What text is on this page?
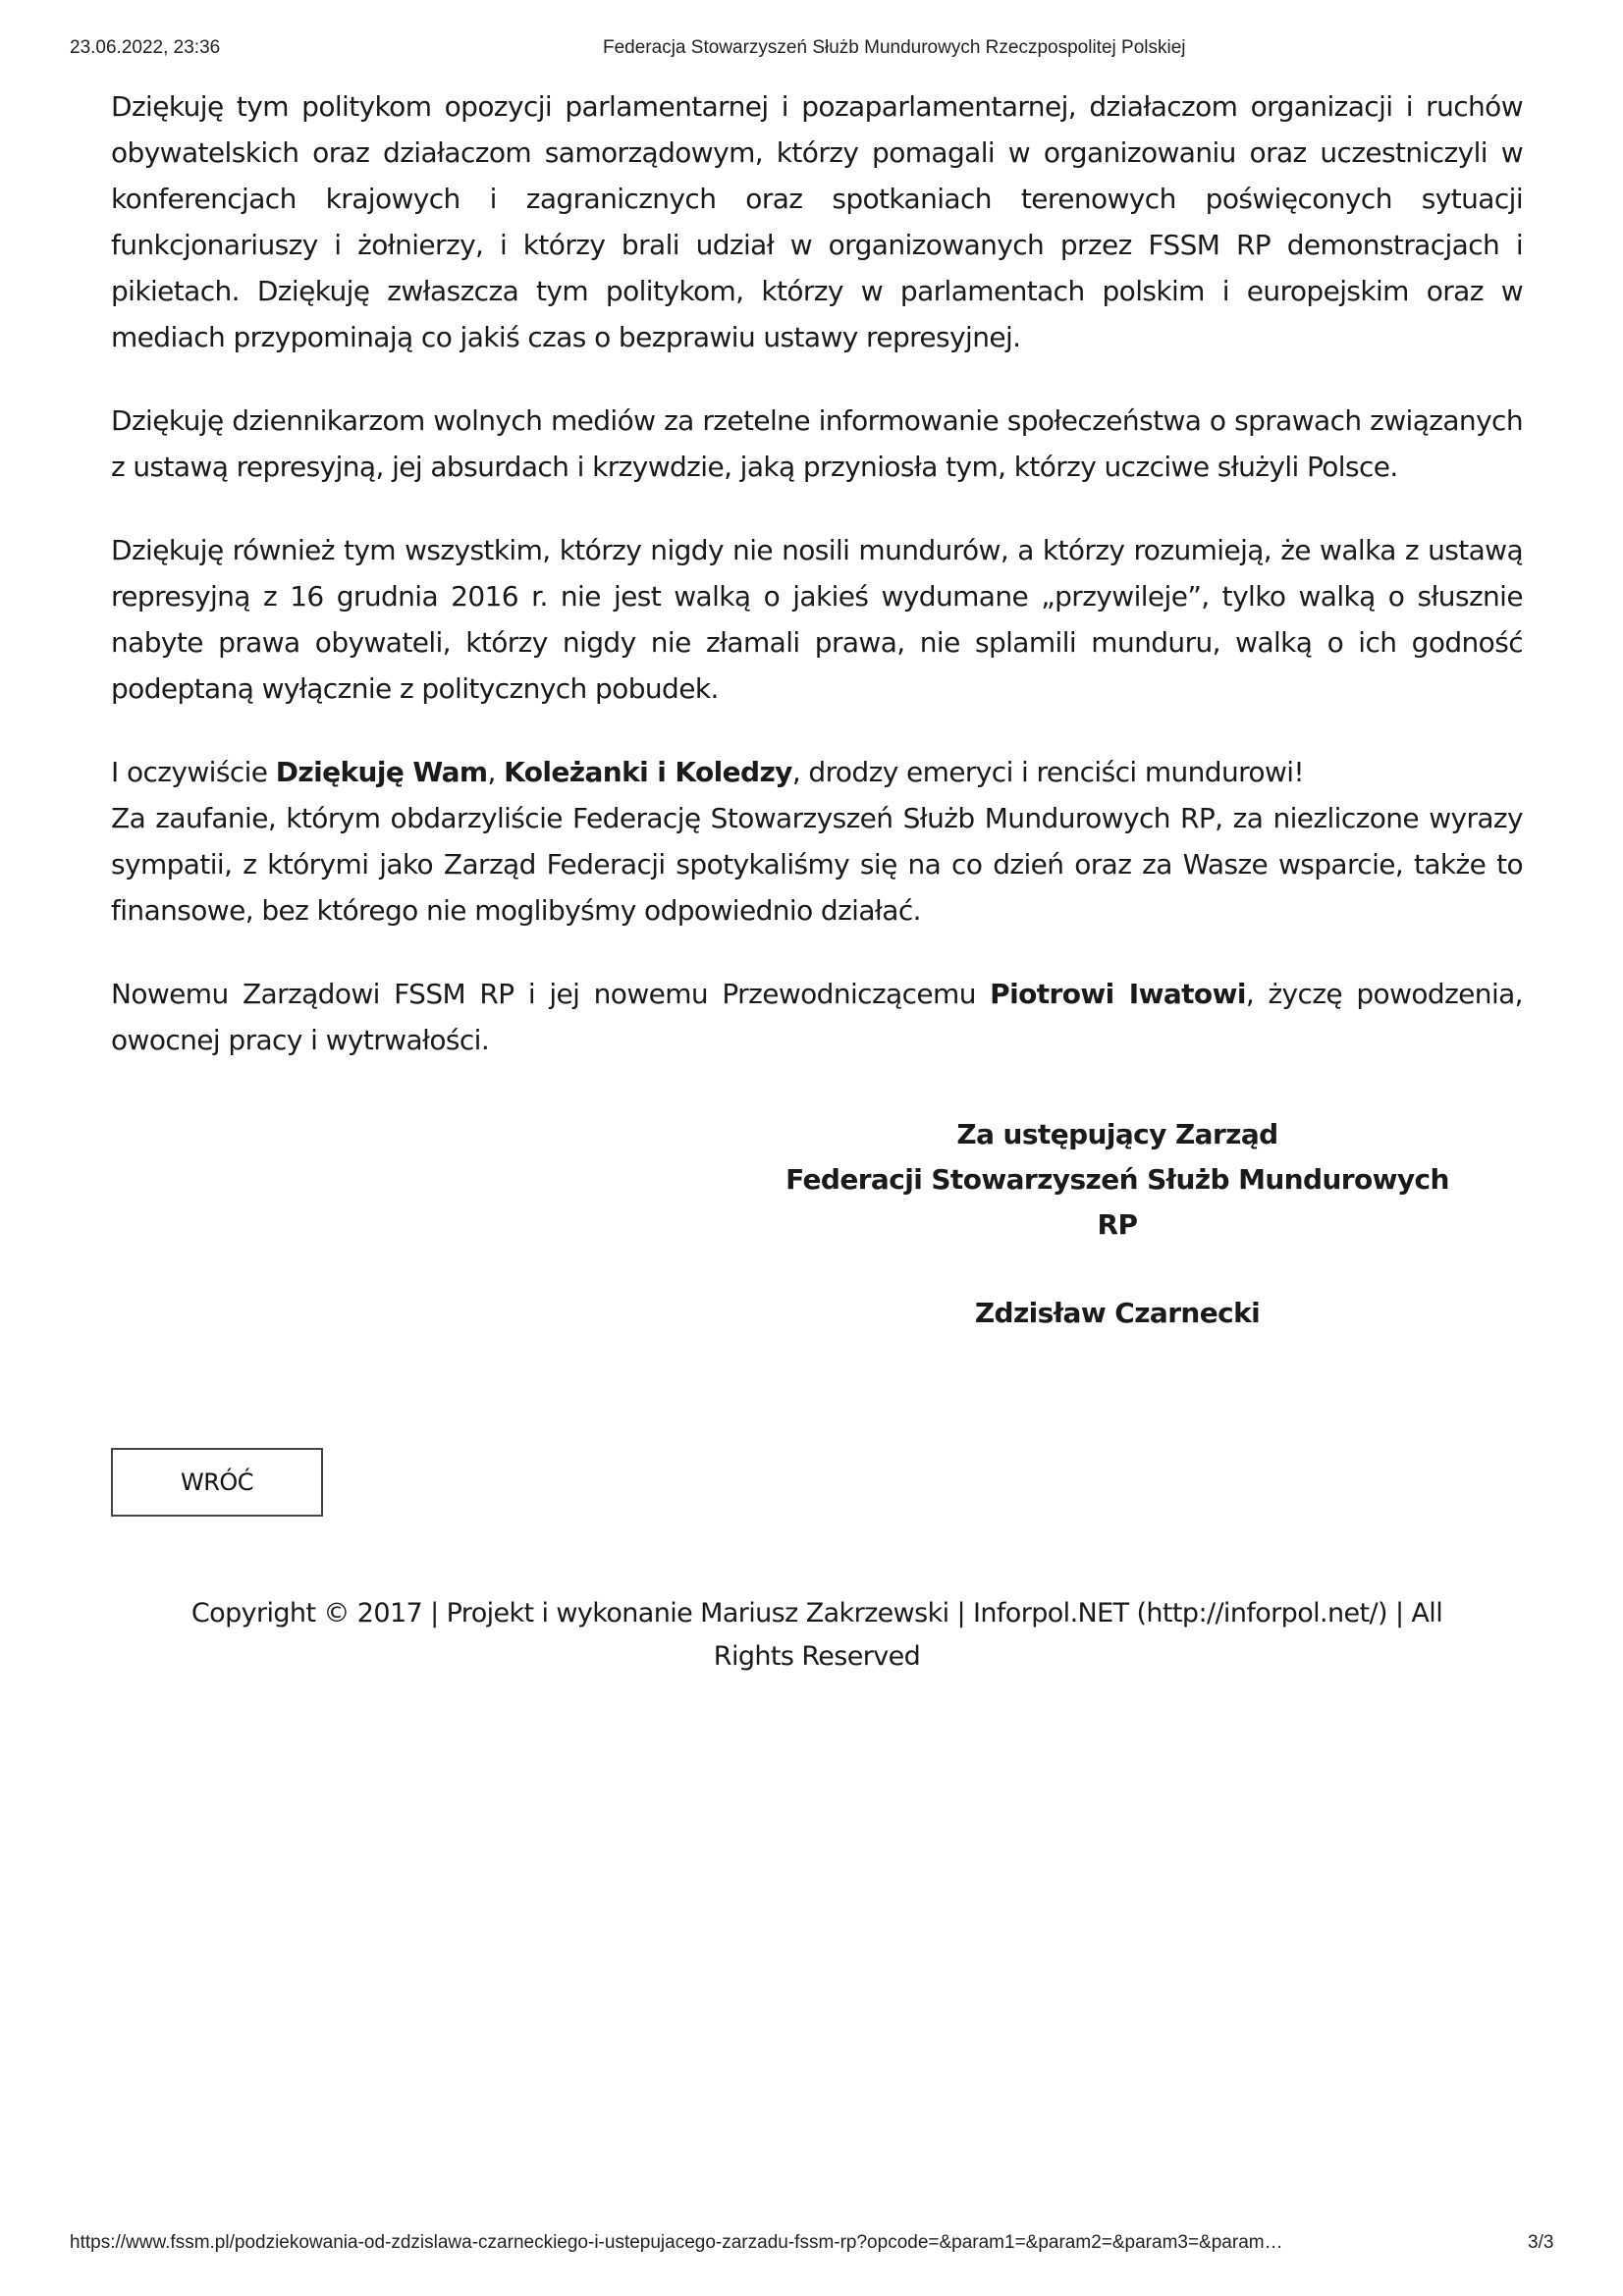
23.06.2022, 23:36	Federacja Stowarzyszeń Służb Mundurowych Rzeczpospolitej Polskiej

Dziękuję tym politykom opozycji parlamentarnej i pozaparlamentarnej, działaczom organizacji i ruchów obywatelskich oraz działaczom samorządowym, którzy pomagali w organizowaniu oraz uczestniczyli w konferencjach krajowych i zagranicznych oraz spotkaniach terenowych poświęconych sytuacji funkcjonariuszy i żołnierzy, i którzy brali udział w organizowanych przez FSSM RP demonstracjach i pikietach. Dziękuję zwłaszcza tym politykom, którzy w parlamentach polskim i europejskim oraz w mediach przypominają co jakiś czas o bezprawiu ustawy represyjnej.

Dziękuję dziennikarzom wolnych mediów za rzetelne informowanie społeczeństwa o sprawach związanych z ustawą represyjną, jej absurdach i krzywdzie, jaką przyniosła tym, którzy uczciwe służyli Polsce.

Dziękuję również tym wszystkim, którzy nigdy nie nosili mundurów, a którzy rozumieją, że walka z ustawą represyjną z 16 grudnia 2016 r. nie jest walką o jakieś wydumane „przywileje”, tylko walką o słusznie nabyte prawa obywateli, którzy nigdy nie złamali prawa, nie splamili munduru, walką o ich godność podeptaną wyłącznie z politycznych pobudek.

I oczywiście Dziękuję Wam, Koleżanki i Koledzy, drodzy emeryci i renciści mundurowi!
Za zaufanie, którym obdarzyliście Federację Stowarzyszeń Służb Mundurowych RP, za niezliczone wyrazy sympatii, z którymi jako Zarząd Federacji spotykaliśmy się na co dzień oraz za Wasze wsparcie, także to finansowe, bez którego nie moglibyśmy odpowiednio działać.

Nowemu Zarządowi FSSM RP i jej nowemu Przewodniczącemu Piotrowi Iwatowi, życzę powodzenia, owocnej pracy i wytrwałości.

Za ustępujący Zarząd
Federacji Stowarzyszeń Służb Mundurowych RP
Zdzisław Czarnecki
WRÓĆ
Copyright © 2017 | Projekt i wykonanie Mariusz Zakrzewski | Inforpol.NET (http://inforpol.net/) | All
Rights Reserved
https://www.fssm.pl/podziekowania-od-zdzislawa-czarneckiego-i-ustepujacego-zarzadu-fssm-rp?opcode=&param1=&param2=&param3=&param…	3/3
